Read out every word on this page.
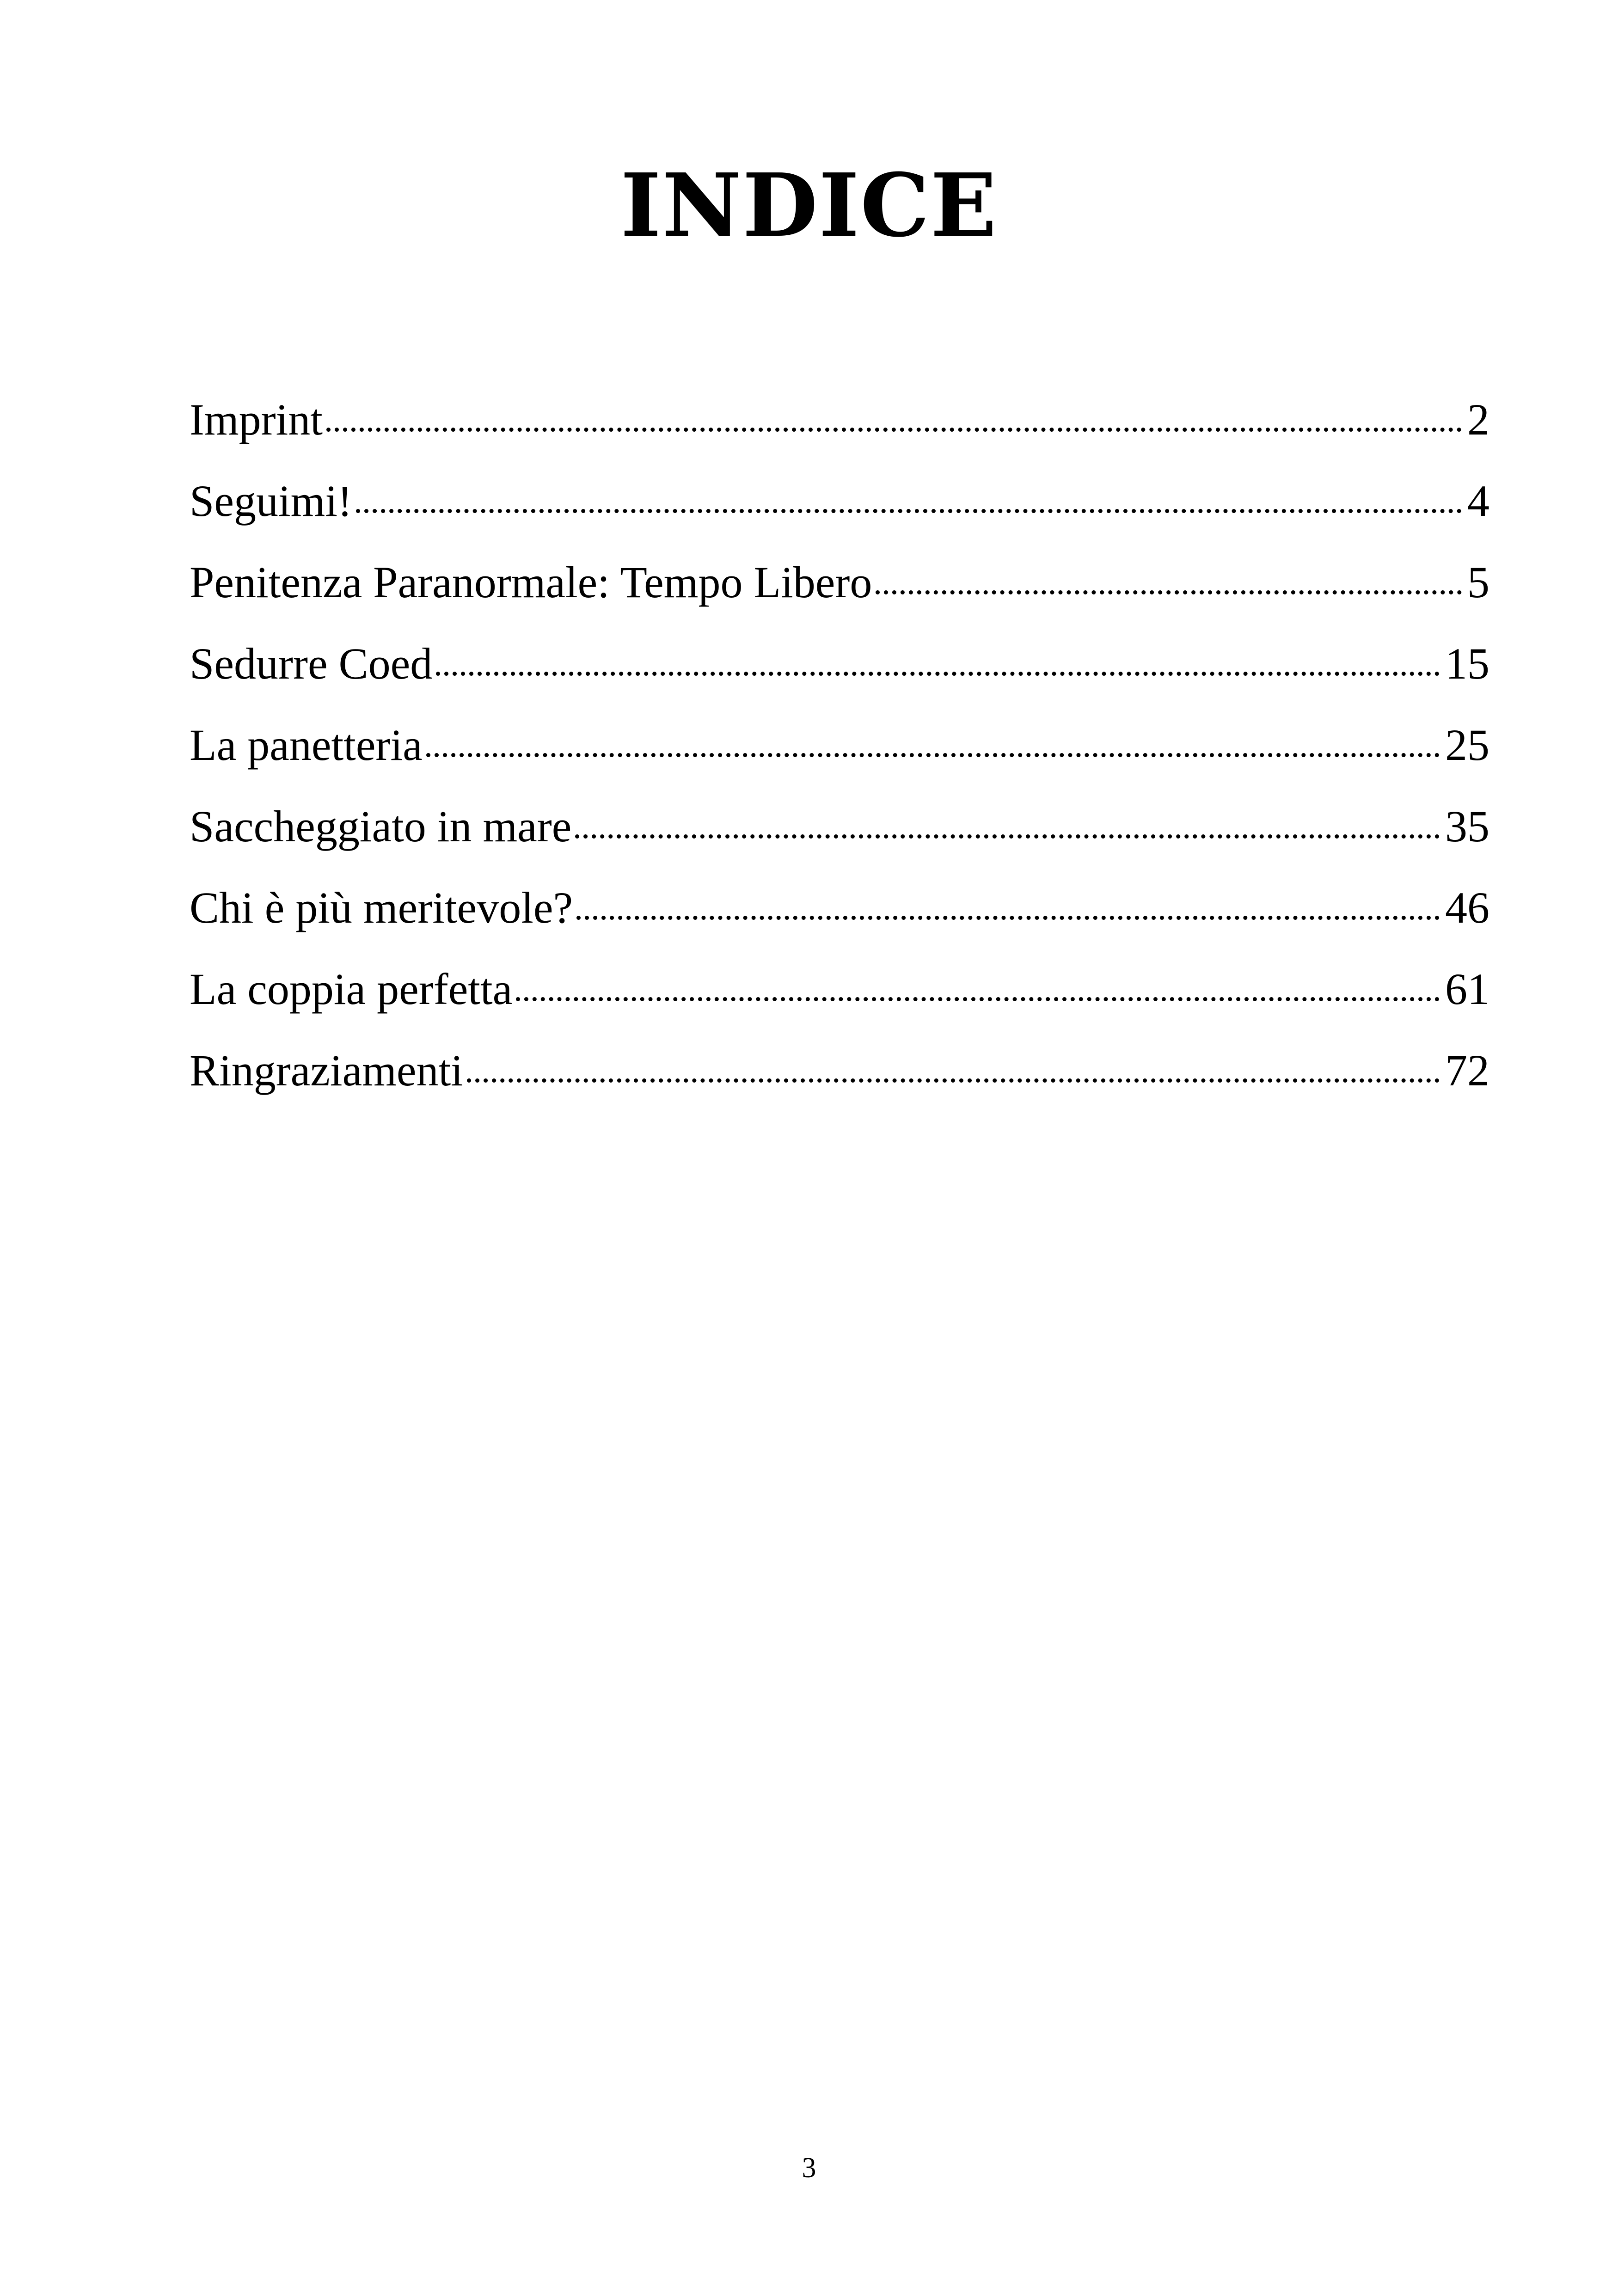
INDICE
Imprint	2
Seguimi!	4
Penitenza Paranormale: Tempo Libero	5
Sedurre Coed	15
La panetteria	25
Saccheggiato in mare	35
Chi è più meritevole?	46
La coppia perfetta	61
Ringraziamenti	72
3
